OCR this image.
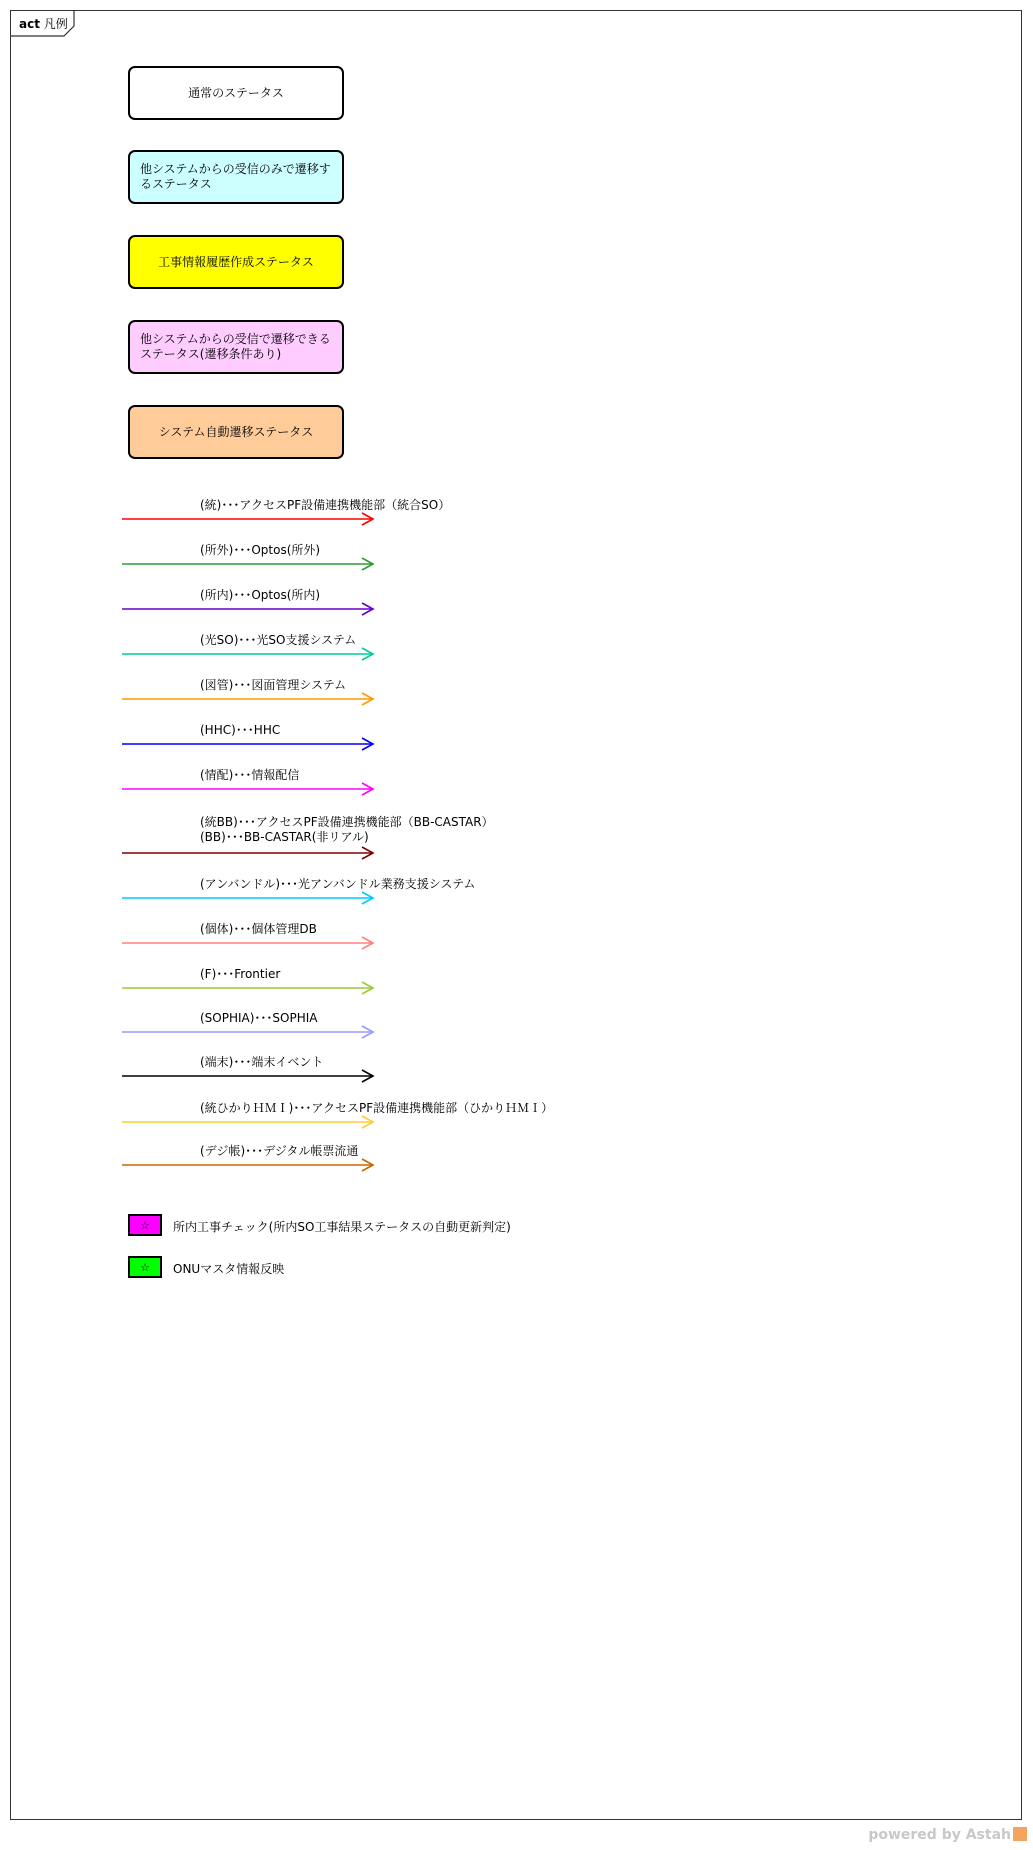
act 凡例
通常のステータス
他システムからの受信のみで遷移するステータス
工事情報履歴作成ステータス
他システムからの受信で遷移できるステータス(遷移条件あり)
システム自動遷移ステータス
(統)･･･アクセスPF設備連携機能部（統合SO）
(所外)･･･Optos(所外)
(所内)･･･Optos(所内)
(光SO)･･･光SO支援システム
(図管)･･･図面管理システム
(HHC)･･･HHC
(情配)･･･情報配信
(統BB)･･･アクセスPF設備連携機能部（BB-CASTAR）
(BB)･･･BB-CASTAR(非リアル)
(アンバンドル)･･･光アンバンドル業務支援システム
(個体)･･･個体管理DB
(F)･･･Frontier
(SOPHIA)･･･SOPHIA
(端末)･･･端末イベント
(統ひかりＨＭＩ)･･･アクセスPF設備連携機能部（ひかりＨＭＩ）
(デジ帳)･･･デジタル帳票流通
☆ 所内工事チェック(所内SO工事結果ステータスの自動更新判定)
☆ ONUマスタ情報反映
powered by Astah
